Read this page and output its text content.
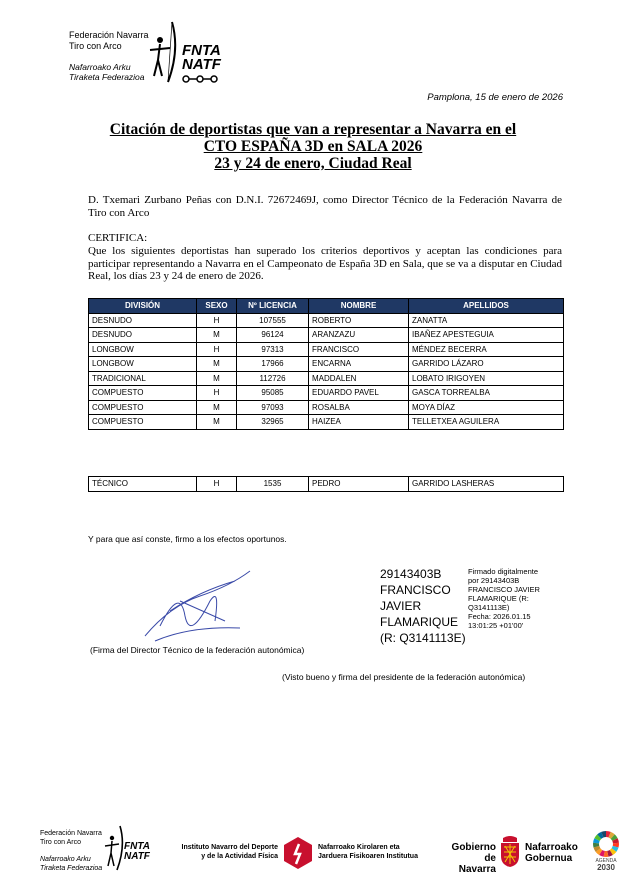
Federación Navarra
Tiro con Arco
Nafarroako Arku
Tiraketa Federazioa
FNTA
NATF
Pamplona, 15 de enero de 2026
Citación de deportistas que van a representar a Navarra en el
CTO ESPAÑA 3D en SALA 2026
23 y 24 de enero, Ciudad Real
D. Txemari Zurbano Peñas con D.N.I. 72672469J, como Director Técnico de la Federación Navarra de Tiro con Arco
CERTIFICA:
Que los siguientes deportistas han superado los criterios deportivos y aceptan las condiciones para participar representando a Navarra en el Campeonato de España 3D en Sala, que se va a disputar en Ciudad Real, los días 23 y 24 de enero de 2026.
DIVISIÓN	SEXO	Nº LICENCIA	NOMBRE	APELLIDOS
DESNUDO	H	107555	ROBERTO	ZANATTA
DESNUDO	M	96124	ARANZAZU	IBAÑEZ APESTEGUIA
LONGBOW	H	97313	FRANCISCO	MÉNDEZ BECERRA
LONGBOW	M	17966	ENCARNA	GARRIDO LÁZARO
TRADICIONAL	M	112726	MADDALEN	LOBATO IRIGOYEN
COMPUESTO	H	95085	EDUARDO PAVEL	GASCA TORREALBA
COMPUESTO	M	97093	ROSALBA	MOYA DÍAZ
COMPUESTO	M	32965	HAIZEA	TELLETXEA AGUILERA
TÉCNICO	H	1535	PEDRO	GARRIDO LASHERAS
Y para que así conste, firmo a los efectos oportunos.
(Firma del Director Técnico de la federación autonómica)
29143403B
FRANCISCO
JAVIER
FLAMARIQUE
(R: Q3141113E)
Firmado digitalmente
por 29143403B
FRANCISCO JAVIER
FLAMARIQUE (R:
Q3141113E)
Fecha: 2026.01.15
13:01:25 +01'00'
(Visto bueno y firma del presidente de la federación autonómica)
Federación Navarra
Tiro con Arco
Nafarroako Arku
Tiraketa Federazioa
FNTA
NATF
Instituto Navarro del Deporte
y de la Actividad Física
Nafarroako Kirolaren eta
Jarduera Fisikoaren Institutua
Gobierno
de Navarra
Nafarroako
Gobernua	AGENDA
2030
